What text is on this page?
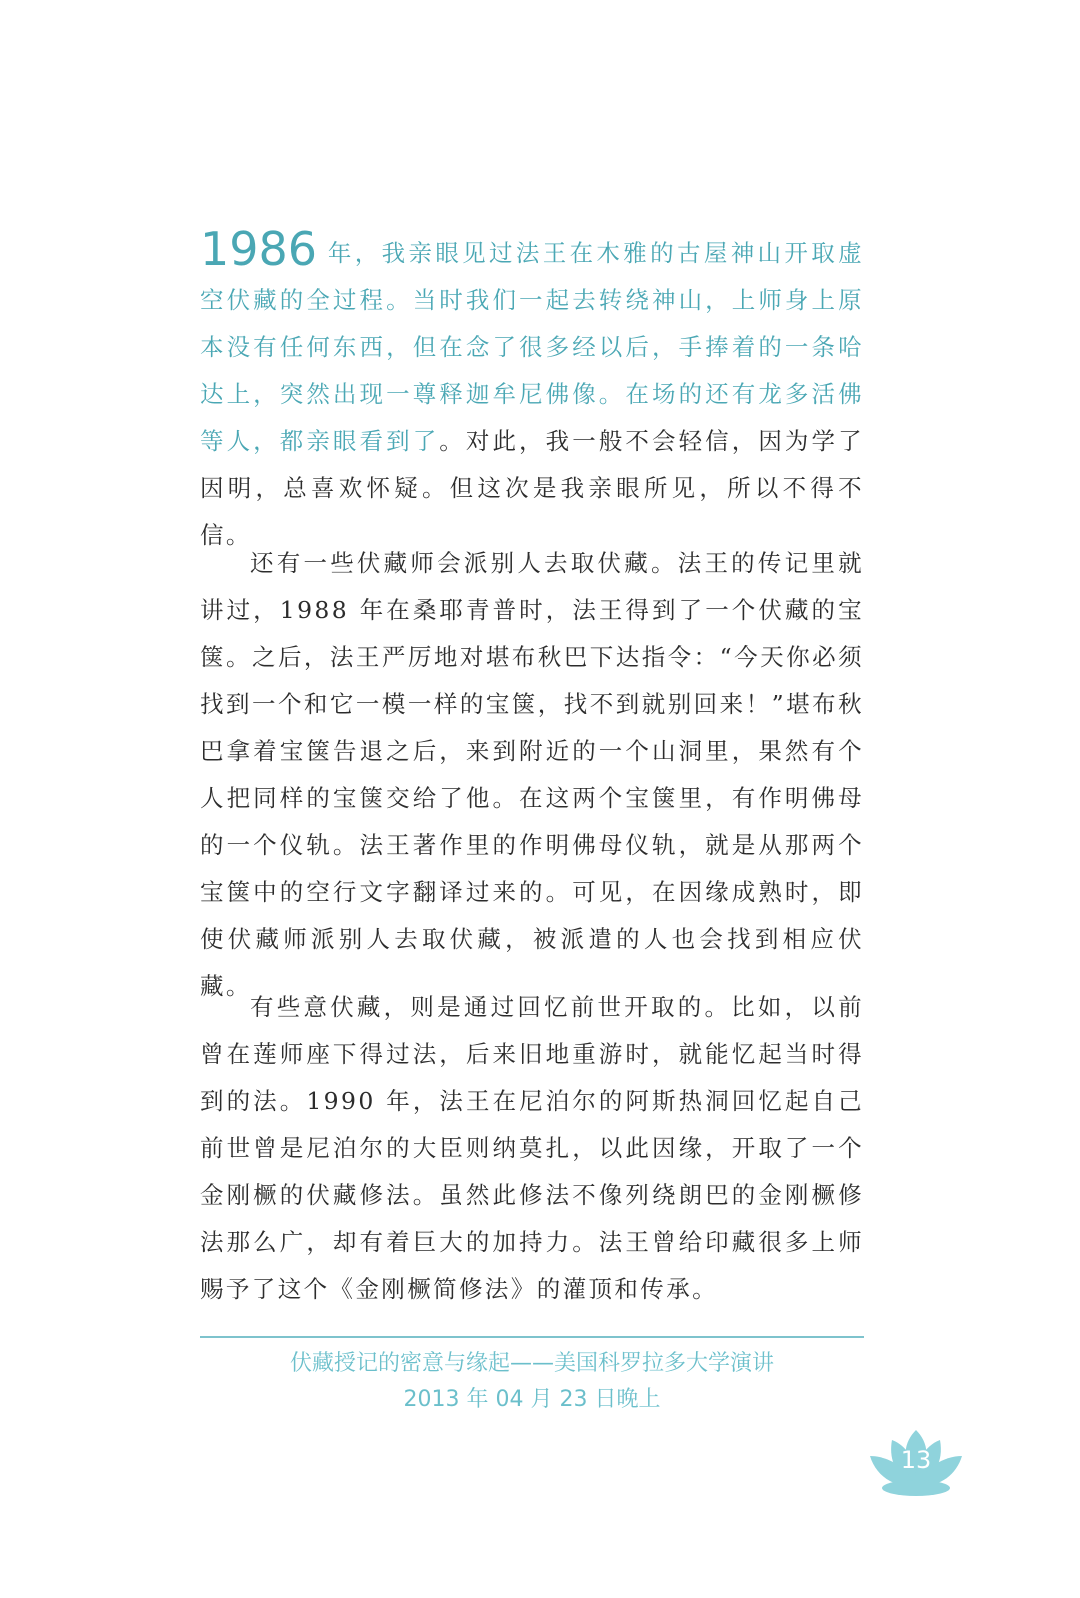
1986 年，我亲眼见过法王在木雅的古屋神山开取虚空伏藏的全过程。当时我们一起去转绕神山，上师身上原本没有任何东西，但在念了很多经以后，手捧着的一条哈达上，突然出现一尊释迦牟尼佛像。在场的还有龙多活佛等人，都亲眼看到了。对此，我一般不会轻信，因为学了因明，总喜欢怀疑。但这次是我亲眼所见，所以不得不信。
还有一些伏藏师会派别人去取伏藏。法王的传记里就讲过，1988 年在桑耶青普时，法王得到了一个伏藏的宝箧。之后，法王严厉地对堪布秋巴下达指令：“今天你必须找到一个和它一模一样的宝箧，找不到就别回来！”堪布秋巴拿着宝箧告退之后，来到附近的一个山洞里，果然有个人把同样的宝箧交给了他。在这两个宝箧里，有作明佛母的一个仪轨。法王著作里的作明佛母仪轨，就是从那两个宝箧中的空行文字翻译过来的。可见，在因缘成熟时，即使伏藏师派别人去取伏藏，被派遣的人也会找到相应伏藏。
有些意伏藏，则是通过回忆前世开取的。比如，以前曾在莲师座下得过法，后来旧地重游时，就能忆起当时得到的法。1990 年，法王在尼泊尔的阿斯热洞回忆起自己前世曾是尼泊尔的大臣则纳莫扎，以此因缘，开取了一个金刚橛的伏藏修法。虽然此修法不像列绕朗巴的金刚橛修法那么广，却有着巨大的加持力。法王曾给印藏很多上师赐予了这个《金刚橛简修法》的灌顶和传承。
伏藏授记的密意与缘起——美国科罗拉多大学演讲
2013 年 04 月 23 日晚上
13
